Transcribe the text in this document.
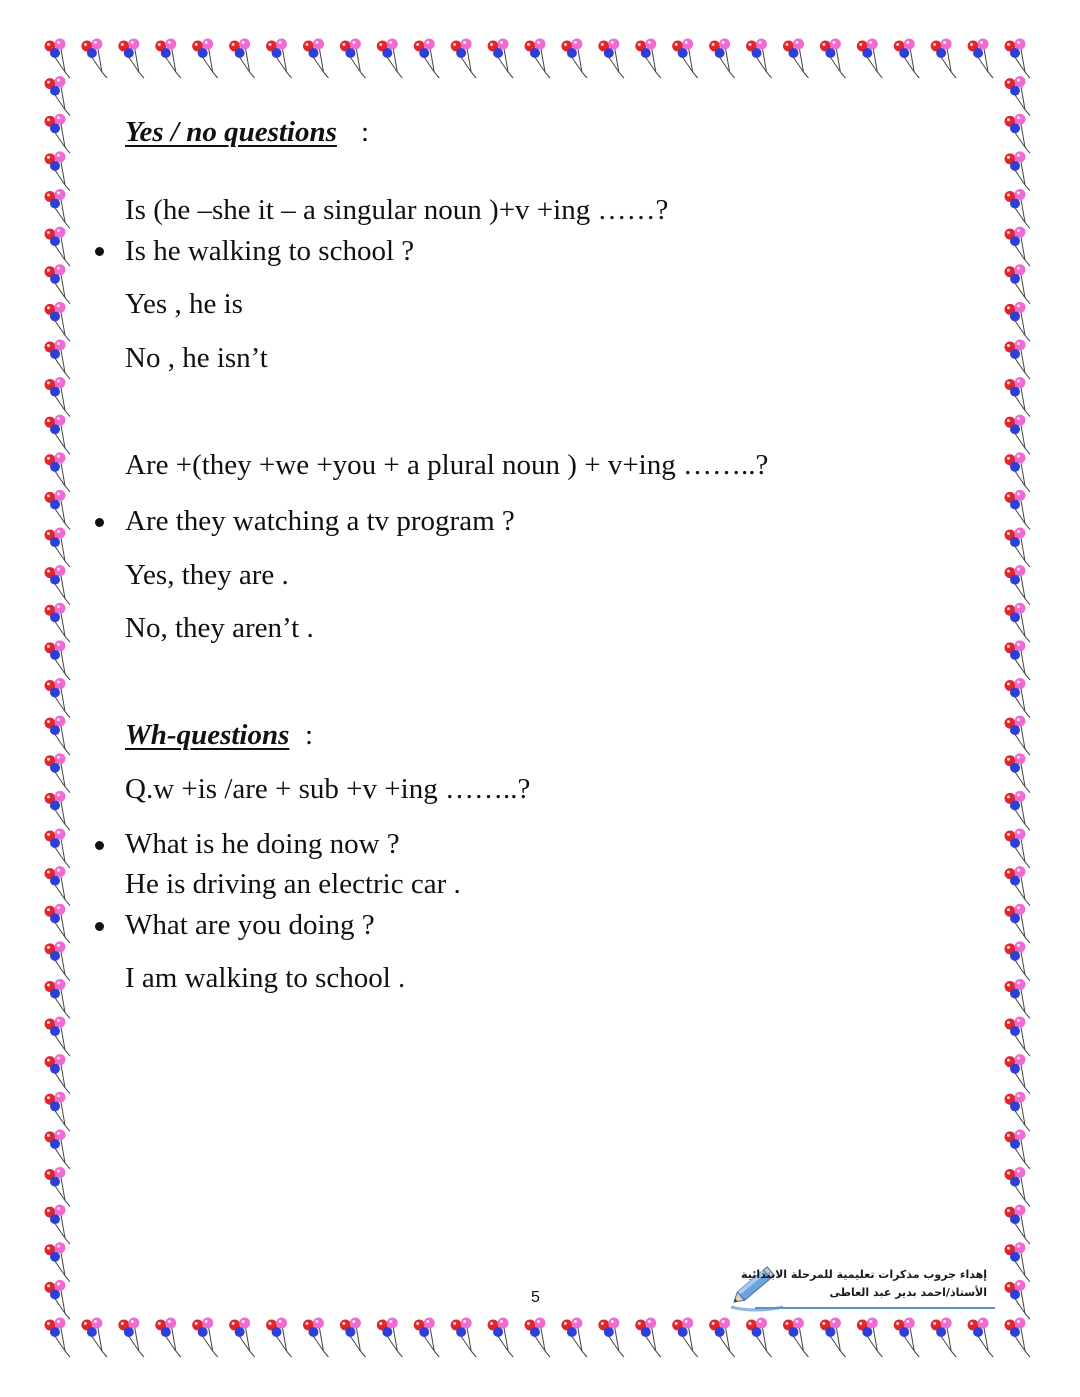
Yes / no questions :
Is (he –she it – a singular noun )+v +ing ……?
Is he walking to school ?
Yes , he is
No , he isn’t
Are +(they +we +you + a plural noun ) + v+ing ……..?
Are they watching a tv program ?
Yes, they are .
No, they aren’t .
Wh-questions :
Q.w +is /are + sub +v +ing ……..?
What is he doing now ?
He is driving an electric car .
What are you doing ?
I am walking to school .
5
إهداء جروب مذكرات تعليمية للمرحلة الابتدائية
الأستاذ/احمد بدير عبد العاطى
